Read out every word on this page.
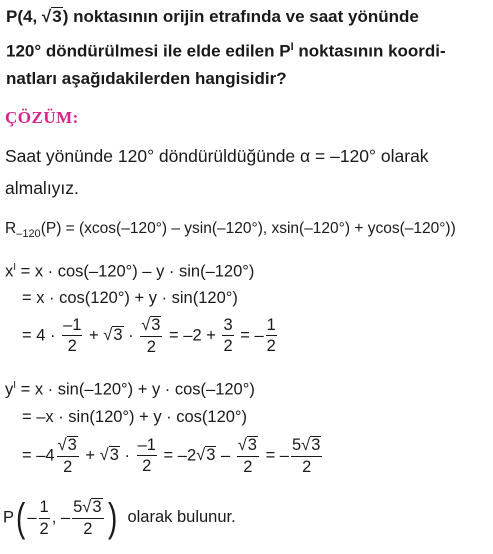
P(4, √3) noktasının orijin etrafında ve saat yönünde
120° döndürülmesi ile elde edilen $P^I$ noktasının koordi-
natları aşağıdakilerden hangisidir?
ÇÖZÜM:
Saat yönünde 120° döndürüldüğünde α = –120° olarak
almalıyız.
$R_{-120}(P) = (xcos(-120^\circ) - ysin(-120^\circ)$, xsin(–120°) + ycos(–120°))
$x^I = x \cdot \cos(-120^\circ) - y \cdot \sin(-120^\circ)$
= x · cos(120°) + y · sin(120°)
= $4 \cdot \frac{-1}{2} + √3 \cdot \frac{√3}{2} = -2 + \frac{3}{2}$ = – $\frac{1}{2}$
$y^I = x \cdot \sin(-120^\circ) + y \cdot \cos(-120^\circ)$
= –x · sin(120°) + y · cos(120°)
= $-4 \frac{√3}{2} + √3 \cdot \frac{-1}{2} = -2√3 - \frac{√3}{2}$ = – $\frac{5√3}{2}$
$P( - \frac{1}{2}$ , – $\frac{5√3}{2}$ ) olarak bulunur.
